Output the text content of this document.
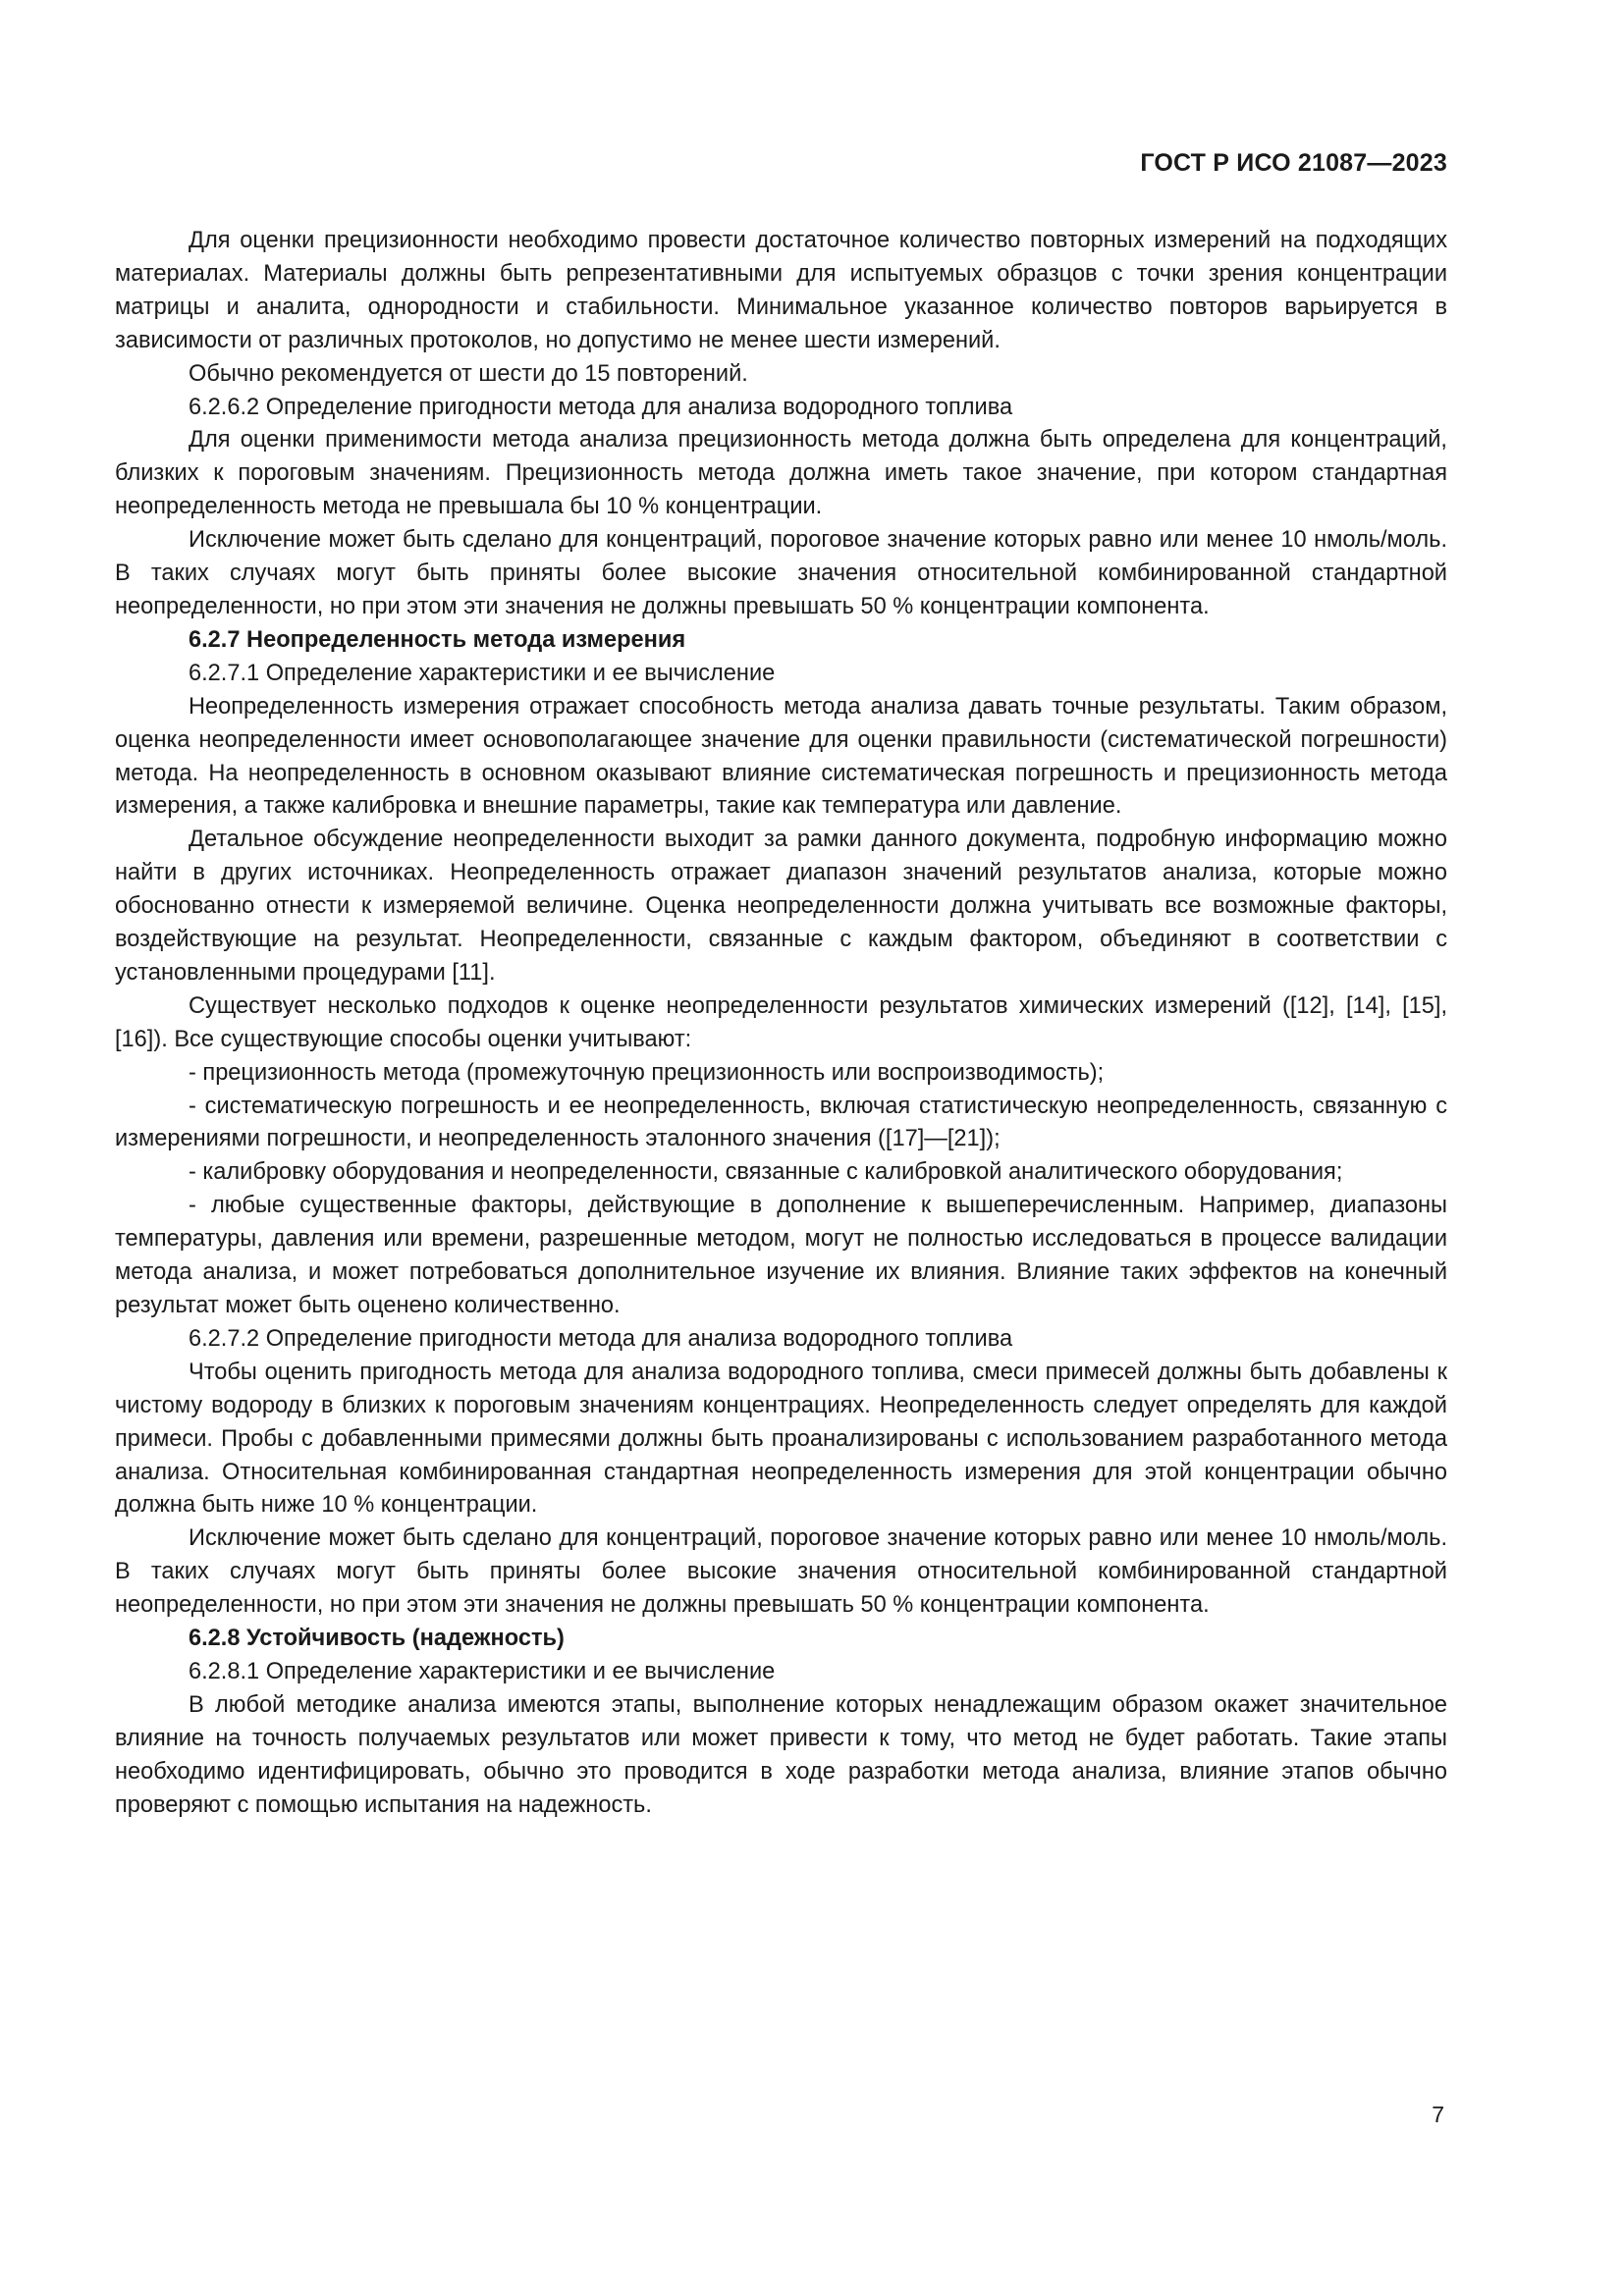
ГОСТ Р ИСО 21087—2023

Для оценки прецизионности необходимо провести достаточное количество повторных измерений на подходящих материалах. Материалы должны быть репрезентативными для испытуемых образцов с точки зрения концентрации матрицы и аналита, однородности и стабильности. Минимальное указанное количество повторов варьируется в зависимости от различных протоколов, но допустимо не менее шести измерений.

Обычно рекомендуется от шести до 15 повторений.

6.2.6.2 Определение пригодности метода для анализа водородного топлива

Для оценки применимости метода анализа прецизионность метода должна быть определена для концентраций, близких к пороговым значениям. Прецизионность метода должна иметь такое значение, при котором стандартная неопределенность метода не превышала бы 10 % концентрации.

Исключение может быть сделано для концентраций, пороговое значение которых равно или менее 10 нмоль/моль. В таких случаях могут быть приняты более высокие значения относительной комбинированной стандартной неопределенности, но при этом эти значения не должны превышать 50 % концентрации компонента.

6.2.7 Неопределенность метода измерения

6.2.7.1 Определение характеристики и ее вычисление

Неопределенность измерения отражает способность метода анализа давать точные результаты. Таким образом, оценка неопределенности имеет основополагающее значение для оценки правильности (систематической погрешности) метода. На неопределенность в основном оказывают влияние систематическая погрешность и прецизионность метода измерения, а также калибровка и внешние параметры, такие как температура или давление.

Детальное обсуждение неопределенности выходит за рамки данного документа, подробную информацию можно найти в других источниках. Неопределенность отражает диапазон значений результатов анализа, которые можно обоснованно отнести к измеряемой величине. Оценка неопределенности должна учитывать все возможные факторы, воздействующие на результат. Неопределенности, связанные с каждым фактором, объединяют в соответствии с установленными процедурами [11].

Существует несколько подходов к оценке неопределенности результатов химических измерений ([12], [14], [15], [16]). Все существующие способы оценки учитывают:

- прецизионность метода (промежуточную прецизионность или воспроизводимость);

- систематическую погрешность и ее неопределенность, включая статистическую неопределенность, связанную с измерениями погрешности, и неопределенность эталонного значения ([17]—[21]);

- калибровку оборудования и неопределенности, связанные с калибровкой аналитического оборудования;

- любые существенные факторы, действующие в дополнение к вышеперечисленным. Например, диапазоны температуры, давления или времени, разрешенные методом, могут не полностью исследоваться в процессе валидации метода анализа, и может потребоваться дополнительное изучение их влияния. Влияние таких эффектов на конечный результат может быть оценено количественно.

6.2.7.2 Определение пригодности метода для анализа водородного топлива

Чтобы оценить пригодность метода для анализа водородного топлива, смеси примесей должны быть добавлены к чистому водороду в близких к пороговым значениям концентрациях. Неопределенность следует определять для каждой примеси. Пробы с добавленными примесями должны быть проанализированы с использованием разработанного метода анализа. Относительная комбинированная стандартная неопределенность измерения для этой концентрации обычно должна быть ниже 10 % концентрации.

Исключение может быть сделано для концентраций, пороговое значение которых равно или менее 10 нмоль/моль. В таких случаях могут быть приняты более высокие значения относительной комбинированной стандартной неопределенности, но при этом эти значения не должны превышать 50 % концентрации компонента.

6.2.8 Устойчивость (надежность)

6.2.8.1 Определение характеристики и ее вычисление

В любой методике анализа имеются этапы, выполнение которых ненадлежащим образом окажет значительное влияние на точность получаемых результатов или может привести к тому, что метод не будет работать. Такие этапы необходимо идентифицировать, обычно это проводится в ходе разработки метода анализа, влияние этапов обычно проверяют с помощью испытания на надежность.

7
